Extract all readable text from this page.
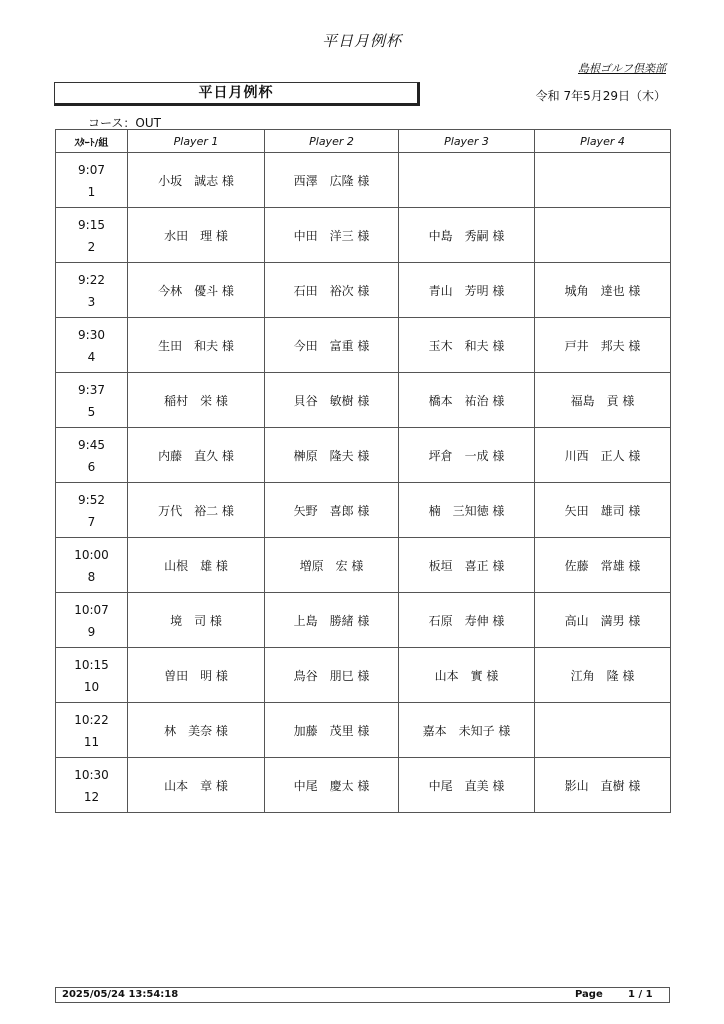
平日月例杯
島根ゴルフ倶楽部
平日月例杯	令和 7年5月29日（木）
コース：OUT
ｽﾀｰﾄ/組	Player 1	Player 2	Player 3	Player 4

9:07
1	小坂　誠志 様	西澤　広隆 様		

9:15
2	水田　理 様	中田　洋三 様	中島　秀嗣 様	

9:22
3	今林　優斗 様	石田　裕次 様	青山　芳明 様	城角　達也 様

9:30
4	生田　和夫 様	今田　富重 様	玉木　和夫 様	戸井　邦夫 様

9:37
5	稲村　栄 様	貝谷　敏樹 様	橋本　祐治 様	福島　貢 様

9:45
6	内藤　直久 様	榊原　隆夫 様	坪倉　一成 様	川西　正人 様

9:52
7	万代　裕二 様	矢野　喜郎 様	楠　三知徳 様	矢田　雄司 様

10:00
8	山根　雄 様	増原　宏 様	板垣　喜正 様	佐藤　常雄 様

10:07
9	境　司 様	上島　勝緒 様	石原　寿伸 様	高山　満男 様

10:15
10	曽田　明 様	鳥谷　朋巳 様	山本　實 様	江角　隆 様

10:22
11	林　美奈 様	加藤　茂里 様	嘉本　未知子 様	

10:30
12	山本　章 様	中尾　慶太 様	中尾　直美 様	影山　直樹 様
2025/05/24 13:54:18	Page	1 / 1
